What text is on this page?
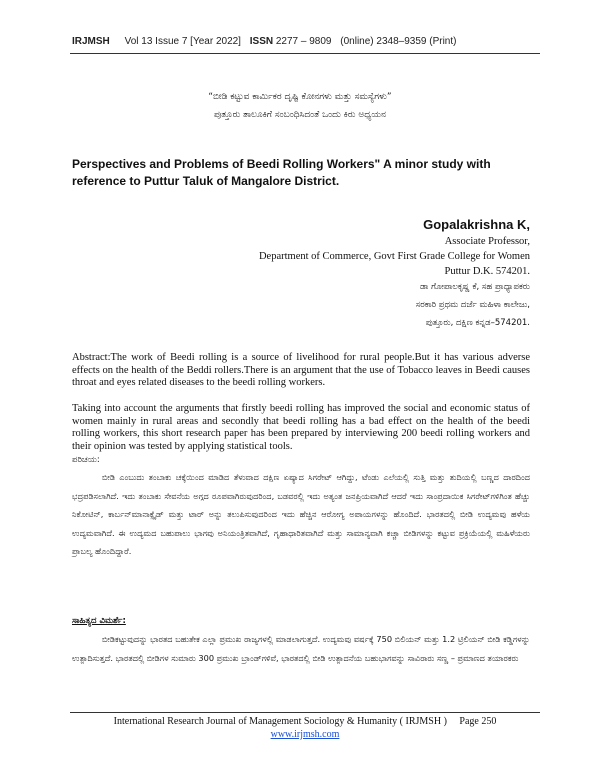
IRJMSH Vol 13 Issue 7 [Year 2022] ISSN 2277 – 9809 (0nline) 2348–9359 (Print)
“ಬೀಡಿ ಕಟ್ಟುವ ಕಾರ್ಮಿಕರ ದೃಷ್ಟಿ ಕೋನಗಳು ಮತ್ತು ಸಮಸ್ಯೆಗಳು”
ಪುತ್ತೂರು ತಾಲೂಕಿಗೆ ಸಂಬಂಧಿಸಿದಂತೆ ಒಂದು ಕಿರು ಅಧ್ಯಯನ
Perspectives and Problems of Beedi Rolling Workers" A minor study with reference to Puttur Taluk of Mangalore District.
Gopalakrishna K,
Associate Professor,
Department of Commerce, Govt First Grade College for Women
Puttur D.K. 574201.
ಡಾ ಗೋಪಾಲಕೃಷ್ಣ ಕೆ, ಸಹ ಪ್ರಾಧ್ಯಾಪಕರು
ಸರಕಾರಿ ಪ್ರಥಮ ದರ್ಜೆ ಮಹಿಳಾ ಕಾಲೇಜು,
ಪುತ್ತೂರು, ದಕ್ಷಿಣ ಕನ್ನಡ–574201.
Abstract:The work of Beedi rolling is a source of livelihood for rural people.But it has various adverse effects on the health of the Beddi rollers.There is an argument that the use of Tobacco leaves in Beedi causes throat and eyes related diseases to the beedi rolling workers.
Taking into account the arguments that firstly beedi rolling has improved the social and economic status of women mainly in rural areas and secondly that beedi rolling has a bad effect on the health of the beedi rolling workers, this short research paper has been prepared by interviewing 200 beedi rolling workers and their opinion was tested by applying statistical tools.
ಪರಿಚಯ:
ಬೀಡಿ ಎಂಬುದು ತಂಬಾಕು ಚಕ್ಕೆಯಿಂದ ಮಾಡಿದ ತೆಳುವಾದ ದಕ್ಷಿಣ ಏಷ್ಯಾದ ಸಿಗರೇಟ್ ಆಗಿದ್ದು, ಟೆಂಡು ಎಲೆಯಲ್ಲಿ ಸುತ್ತಿ ಮತ್ತು ತುದಿಯಲ್ಲಿ ಬಣ್ಣದ ದಾರದಿಂದ ಭದ್ರಪಡಿಸಲಾಗಿದೆ. ಇದು ತಂಬಾಕು ಸೇವನೆಯ ಅಗ್ಗದ ರೂಪವಾಗಿರುವುದರಿಂದ, ಬಡವರಲ್ಲಿ ಇದು ಅತ್ಯಂತ ಜನಪ್ರಿಯವಾಗಿದೆ ಆದರೆ ಇದು ಸಾಂಪ್ರದಾಯಿಕ ಸಿಗರೇಟ್‌ಗಳಿಗಿಂತ ಹೆಚ್ಚು ನಿಕೋಟಿನ್, ಕಾರ್ಬನ್‌ಮಾನಾಕ್ಸೈಡ್ ಮತ್ತು ಟಾರ್ ಅನ್ನು ತಲುಪಿಸುವುದರಿಂದ ಇದು ಹೆಚ್ಚಿನ ಆರೋಗ್ಯ ಅಪಾಯಗಳನ್ನು ಹೊಂದಿದೆ. ಭಾರತದಲ್ಲಿ ಬೀಡಿ ಉದ್ಯಮವು ಹಳೆಯ ಉದ್ಯಮವಾಗಿದೆ. ಈ ಉದ್ಯಮದ ಬಹುಪಾಲು ಭಾಗವು ಅನಿಯಂತ್ರಿತವಾಗಿದೆ, ಗೃಹಾಧಾರಿತವಾಗಿದೆ ಮತ್ತು ಸಾಮಾನ್ಯವಾಗಿ ಕಚ್ಚಾ ಬೀಡಿಗಳನ್ನು ಕಟ್ಟುವ ಪ್ರಕ್ರಿಯೆಯಲ್ಲಿ ಮಹಿಳೆಯರು ಪ್ರಾಬಲ್ಯ ಹೊಂದಿದ್ದಾರೆ.
ಸಾಹಿತ್ಯದ ವಿಮರ್ಶೆ:
ಬೀಡಿಕಟ್ಟುವುದನ್ನು ಭಾರತದ ಬಹುತೇಕ ಎಲ್ಲಾ ಪ್ರಮುಖ ರಾಜ್ಯಗಳಲ್ಲಿ ಮಾಡಲಾಗುತ್ತದೆ. ಉದ್ಯಮವು ವರ್ಷಕ್ಕೆ 750 ಬಿಲಿಯನ್ ಮತ್ತು 1.2 ಟ್ರಿಲಿಯನ್ ಬೀಡಿ ಕಡ್ಡಿಗಳನ್ನು ಉತ್ಪಾದಿಸುತ್ತದೆ. ಭಾರತದಲ್ಲಿ ಬೀಡಿಗಳ ಸುಮಾರು 300 ಪ್ರಮುಖ ಬ್ರಾಂಡ್‌ಗಳಿವೆ, ಭಾರತದಲ್ಲಿ ಬೀಡಿ ಉತ್ಪಾದನೆಯ ಬಹುಭಾಗವನ್ನು ಸಾವಿರಾರು ಸಣ್ಣ – ಪ್ರಮಾಣದ ತಯಾರಕರು
International Research Journal of Management Sociology & Humanity ( IRJMSH ) Page 250
www.irjmsh.com
